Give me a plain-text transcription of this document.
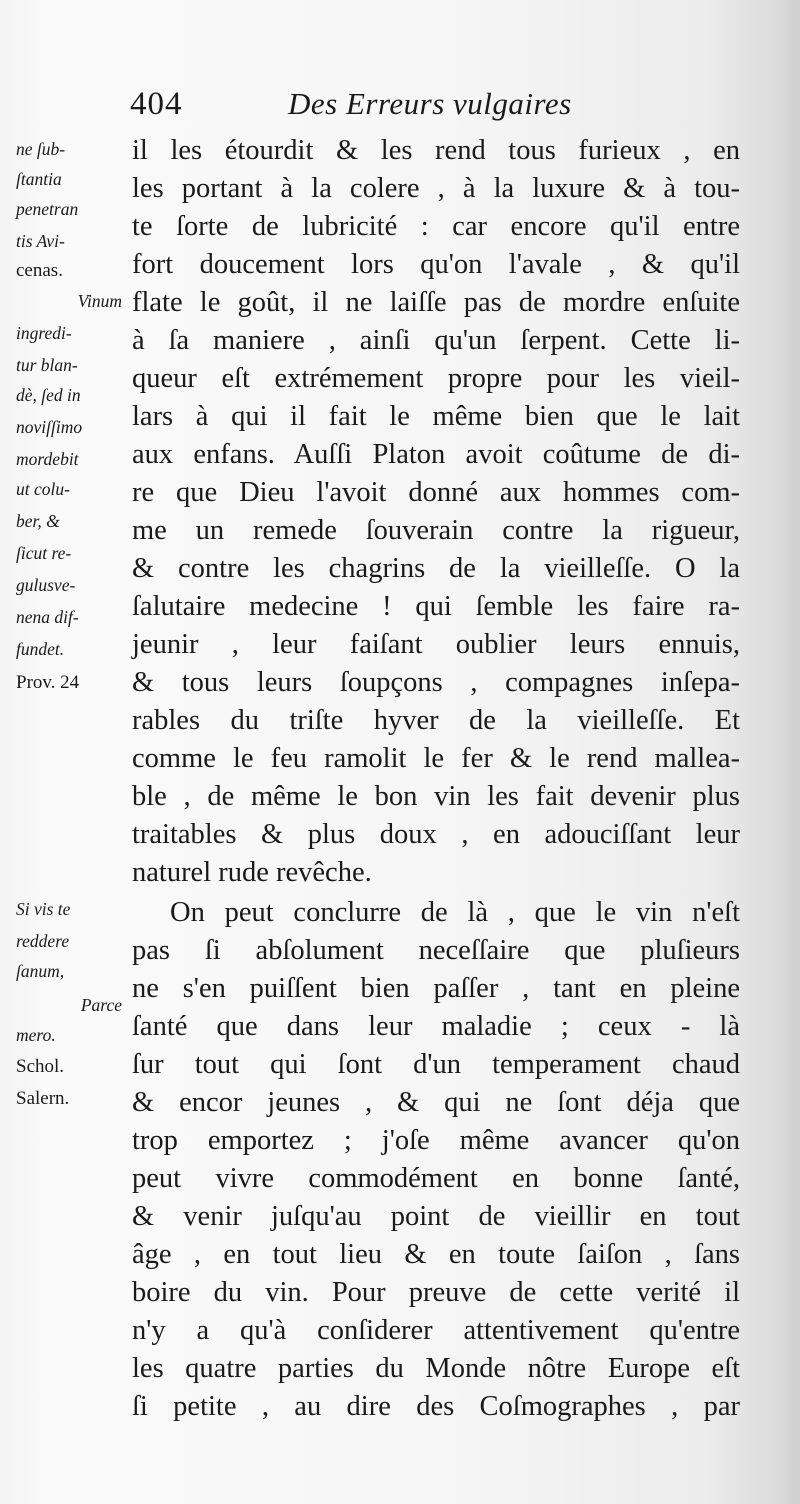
404	Des Erreurs vulgaires

il les étourdit & les rend tous furieux , en

les portant à la colere , à la luxure & à tou-

te ſorte de lubricité : car encore qu'il entre

fort doucement lors qu'on l'avale , & qu'il

flate le goût, il ne laiſſe pas de mordre enſuite

à ſa maniere , ainſi qu'un ſerpent. Cette li-

queur eſt extrémement propre pour les vieil-

lars à qui il fait le même bien que le lait

aux enfans. Auſſi Platon avoit coûtume de di-

re que Dieu l'avoit donné aux hommes com-

me un remede ſouverain contre la rigueur,

& contre les chagrins de la vieilleſſe. O la

ſalutaire medecine ! qui ſemble les faire ra-

jeunir , leur faiſant oublier leurs ennuis,

& tous leurs ſoupçons , compagnes inſepa-

rables du triſte hyver de la vieilleſſe. Et

comme le feu ramolit le fer & le rend mallea-

ble , de même le bon vin les fait devenir plus

traitables & plus doux , en adouciſſant leur

naturel rude revêche.

On peut conclurre de là , que le vin n'eſt

pas ſi abſolument neceſſaire que pluſieurs

ne s'en puiſſent bien paſſer , tant en pleine

ſanté que dans leur maladie ; ceux - là

ſur tout qui ſont d'un temperament chaud

& encor jeunes , & qui ne ſont déja que

trop emportez ; j'oſe même avancer qu'on

peut vivre commodément en bonne ſanté,

& venir juſqu'au point de vieillir en tout

âge , en tout lieu & en toute ſaiſon , ſans

boire du vin. Pour preuve de cette verité il

n'y a qu'à conſiderer attentivement qu'entre

les quatre parties du Monde nôtre Europe eſt

ſi petite , au dire des Coſmographes , par

ne ſub-

ſtantia

penetran

tis Avi-

cenas.

Vinum

ingredi-

tur blan-

dè, ſed in

noviſſimo

mordebit

ut colu-

ber, &

ſicut re-

gulusve-

nena dif-

fundet.

Prov. 24

Si vis te

reddere

ſanum,

Parce

mero.

Schol.

Salern.
